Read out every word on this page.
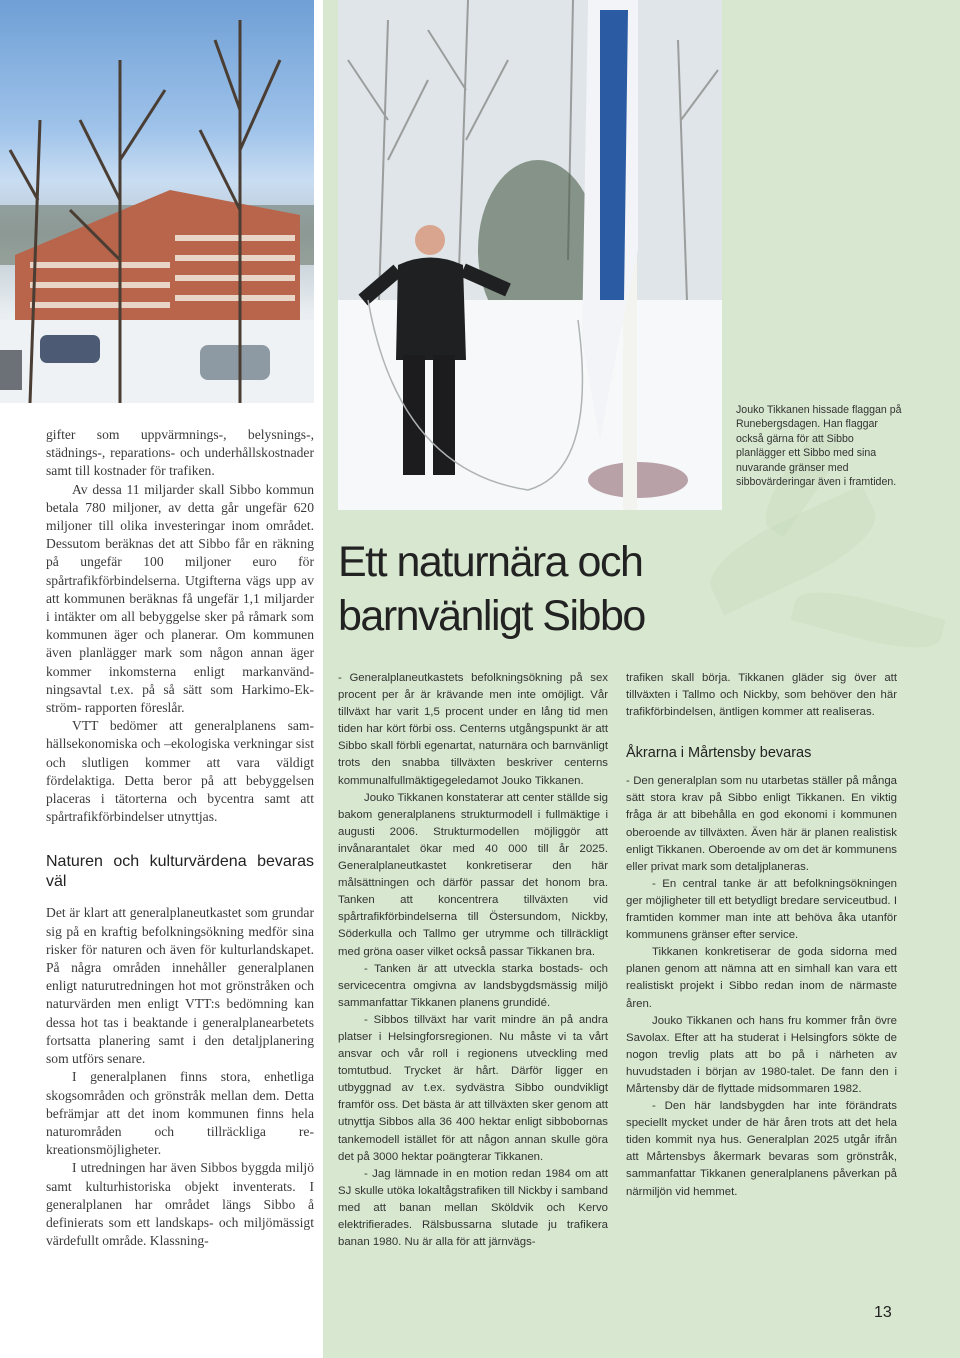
Jouko Tikkanen hissade flaggan på Runebergsdagen. Han flaggar också gärna för att Sibbo planlägger ett Sibbo med sina nuvarande gränser med sibbovärderingar även i framtiden.
Ett naturnära och
barnvänligt Sibbo

gifter som uppvärmnings-, belysnings-, städnings-, reparations- och underhållskostnader samt till kostnader för trafiken.

Av dessa 11 miljarder skall Sibbo kommun betala 780 miljoner, av detta går ungefär 620 miljoner till olika investeringar inom området. Dessutom beräknas det att Sibbo får en räkning på ungefär 100 miljoner euro för spårtrafikförbindelserna. Utgifterna vägs upp av att kommunen beräknas få ungefär 1,1 miljarder i intäkter om all bebyggelse sker på råmark som kommunen äger och planerar. Om kommunen även planlägger mark som någon annan äger kommer inkomsterna enligt markanvändningsavtal t.ex. på så sätt som Harkimo-Ekström- rapporten föreslår.

VTT bedömer att generalplanens samhällsekonomiska och –ekologiska verkningar sist och slutligen kommer att vara väldigt fördelaktiga. Detta beror på att bebyggelsen placeras i tätorterna och bycentra samt att spårtrafikförbindelser utnyttjas.

Naturen och kulturvärdena bevaras väl

Det är klart att generalplaneutkastet som grundar sig på en kraftig befolkningsökning medför sina risker för naturen och även för kulturlandskapet. På några områden innehåller generalplanen enligt naturutredningen hot mot grönstråken och naturvärden men enligt VTT:s bedömning kan dessa hot tas i beaktande i generalplanearbetets fortsatta planering samt i den detaljplanering som utförs senare.

I generalplanen finns stora, enhetliga skogsområden och grönstråk mellan dem. Detta befrämjar att det inom kommunen finns hela naturområden och tillräckliga rekreationsmöjligheter.

I utredningen har även Sibbos byggda miljö samt kulturhistoriska objekt inventerats. I generalplanen har området längs Sibbo å definierats som ett landskaps- och miljömässigt värdefullt område. Klassning-

- Generalplaneutkastets befolkningsökning på sex procent per år är krävande men inte omöjligt. Vår tillväxt har varit 1,5 procent under en lång tid men tiden har kört förbi oss. Centerns utgångspunkt är att Sibbo skall förbli egenartat, naturnära och barnvänligt trots den snabba tillväxten beskriver centerns kommunalfullmäktigegeledamot Jouko Tikkanen.

Jouko Tikkanen konstaterar att center ställde sig bakom generalplanens strukturmodell i fullmäktige i augusti 2006. Strukturmodellen möjliggör att invånarantalet ökar med 40 000 till år 2025. Generalplaneutkastet konkretiserar den här målsättningen och därför passar det honom bra. Tanken att koncentrera tillväxten vid spårtrafikförbindelserna till Östersundom, Nickby, Söderkulla och Tallmo ger utrymme och tillräckligt med gröna oaser vilket också passar Tikkanen bra.

- Tanken är att utveckla starka bostads- och servicecentra omgivna av landsbygdsmässig miljö sammanfattar Tikkanen planens grundidé.

- Sibbos tillväxt har varit mindre än på andra platser i Helsingforsregionen. Nu måste vi ta vårt ansvar och vår roll i regionens utveckling med tomtutbud. Trycket är hårt. Därför ligger en utbyggnad av t.ex. sydvästra Sibbo oundvikligt framför oss. Det bästa är att tillväxten sker genom att utnyttja Sibbos alla 36 400 hektar enligt sibbobornas tankemodell istället för att någon annan skulle göra det på 3000 hektar poängterar Tikkanen.

- Jag lämnade in en motion redan 1984 om att SJ skulle utöka lokaltågstrafiken till Nickby i samband med att banan mellan Sköldvik och Kervo elektrifierades. Rälsbussarna slutade ju trafikera banan 1980. Nu är alla för att järnvägs-

trafiken skall börja. Tikkanen gläder sig över att tillväxten i Tallmo och Nickby, som behöver den här trafikförbindelsen, äntligen kommer att realiseras.

Åkrarna i Mårtensby bevaras

- Den generalplan som nu utarbetas ställer på många sätt stora krav på Sibbo enligt Tikkanen. En viktig fråga är att bibehålla en god ekonomi i kommunen oberoende av tillväxten. Även här är planen realistisk enligt Tikkanen. Oberoende av om det är kommunens eller privat mark som detaljplaneras.

- En central tanke är att befolkningsökningen ger möjligheter till ett betydligt bredare serviceutbud. I framtiden kommer man inte att behöva åka utanför kommunens gränser efter service.

Tikkanen konkretiserar de goda sidorna med planen genom att nämna att en simhall kan vara ett realistiskt projekt i Sibbo redan inom de närmaste åren.

Jouko Tikkanen och hans fru kommer från övre Savolax. Efter att ha studerat i Helsingfors sökte de nogon trevlig plats att bo på i närheten av huvudstaden i början av 1980-talet. De fann den i Mårtensby där de flyttade midsommaren 1982.

- Den här landsbygden har inte förändrats speciellt mycket under de här åren trots att det hela tiden kommit nya hus. Generalplan 2025 utgår ifrån att Mårtensbys åkermark bevaras som grönstråk, sammanfattar Tikkanen generalplanens påverkan på närmiljön vid hemmet.

13
